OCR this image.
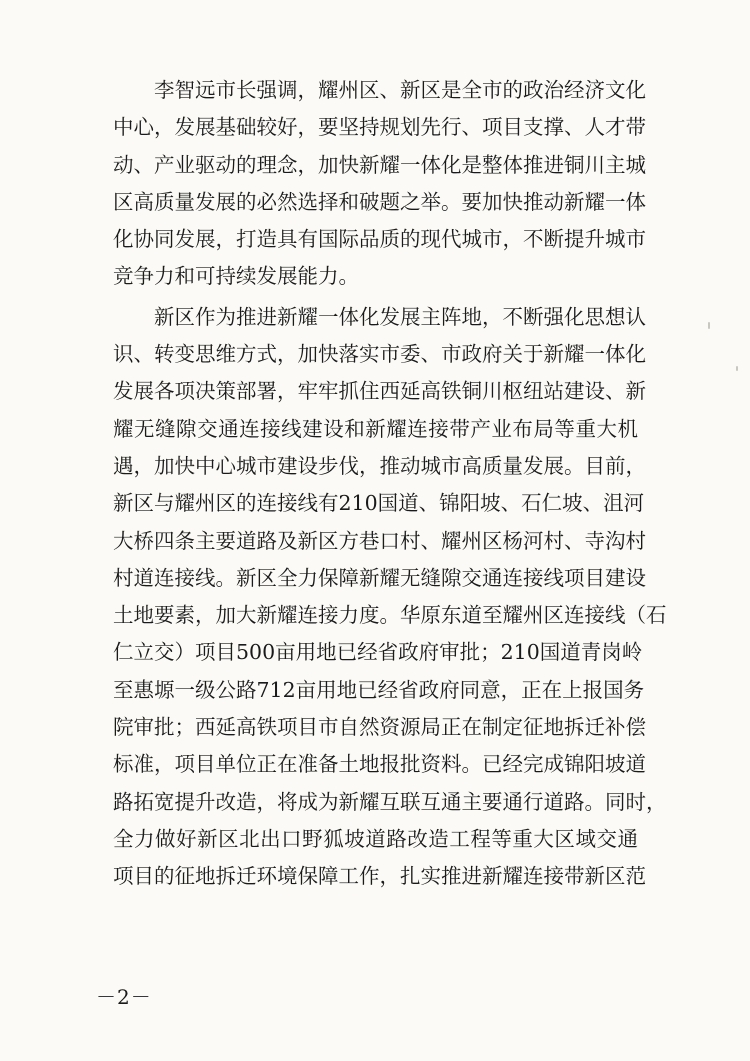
李智远市长强调，耀州区、新区是全市的政治经济文化
中心，发展基础较好，要坚持规划先行、项目支撑、人才带
动、产业驱动的理念，加快新耀一体化是整体推进铜川主城
区高质量发展的必然选择和破题之举。要加快推动新耀一体
化协同发展，打造具有国际品质的现代城市，不断提升城市
竞争力和可持续发展能力。
新区作为推进新耀一体化发展主阵地，不断强化思想认
识、转变思维方式，加快落实市委、市政府关于新耀一体化
发展各项决策部署，牢牢抓住西延高铁铜川枢纽站建设、新
耀无缝隙交通连接线建设和新耀连接带产业布局等重大机
遇，加快中心城市建设步伐，推动城市高质量发展。目前，
新区与耀州区的连接线有210国道、锦阳坡、石仁坡、沮河
大桥四条主要道路及新区方巷口村、耀州区杨河村、寺沟村
村道连接线。新区全力保障新耀无缝隙交通连接线项目建设
土地要素，加大新耀连接力度。华原东道至耀州区连接线（石
仁立交）项目500亩用地已经省政府审批；210国道青岗岭
至惠塬一级公路712亩用地已经省政府同意，正在上报国务
院审批；西延高铁项目市自然资源局正在制定征地拆迁补偿
标准，项目单位正在准备土地报批资料。已经完成锦阳坡道
路拓宽提升改造，将成为新耀互联互通主要通行道路。同时，
全力做好新区北出口野狐坡道路改造工程等重大区域交通
项目的征地拆迁环境保障工作，扎实推进新耀连接带新区范
－2－
